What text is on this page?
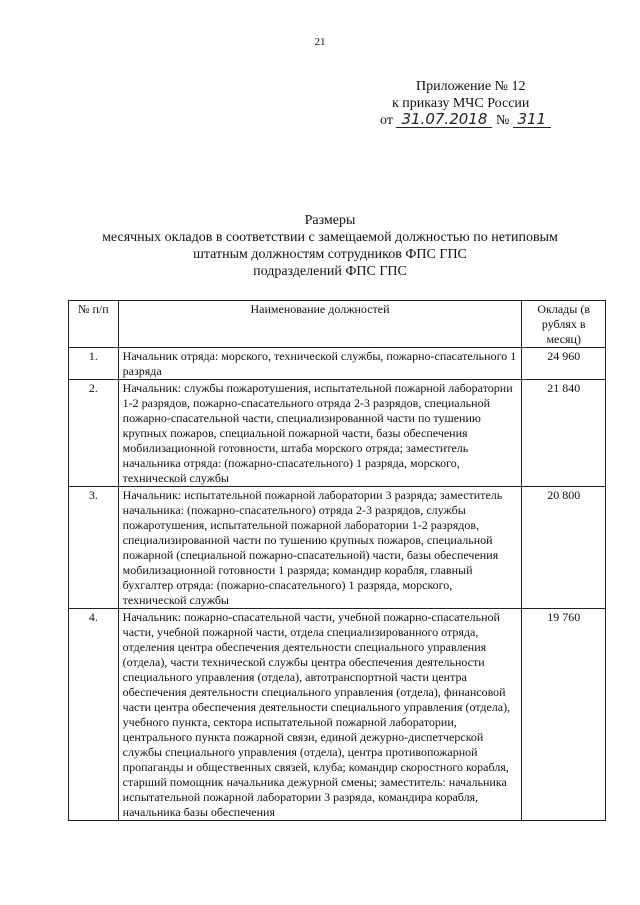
21
Приложение № 12
к приказу МЧС России
от 31.07.2018 № 311
Размеры
месячных окладов в соответствии с замещаемой должностью по нетиповым
штатным должностям сотрудников ФПС ГПС
подразделений ФПС ГПС
№ п/п	Наименование должностей	Оклады (в рублях в месяц)
1.	Начальник отряда: морского, технической службы, пожарно-спасательного 1 разряда	24 960
2.	Начальник: службы пожаротушения, испытательной пожарной лаборатории 1-2 разрядов, пожарно-спасательного отряда 2-3 разрядов, специальной пожарно-спасательной части, специализированной части по тушению крупных пожаров, специальной пожарной части, базы обеспечения мобилизационной готовности, штаба морского отряда; заместитель начальника отряда: (пожарно-спасательного) 1 разряда, морского, технической службы	21 840
3.	Начальник: испытательной пожарной лаборатории 3 разряда; заместитель начальника: (пожарно-спасательного) отряда 2-3 разрядов, службы пожаротушения, испытательной пожарной лаборатории 1-2 разрядов, специализированной части по тушению крупных пожаров, специальной пожарной (специальной пожарно-спасательной) части, базы обеспечения мобилизационной готовности 1 разряда; командир корабля, главный бухгалтер отряда: (пожарно-спасательного) 1 разряда, морского, технической службы	20 800
4.	Начальник: пожарно-спасательной части, учебной пожарно-спасательной части, учебной пожарной части, отдела специализированного отряда, отделения центра обеспечения деятельности специального управления (отдела), части технической службы центра обеспечения деятельности специального управления (отдела), автотранспортной части центра обеспечения деятельности специального управления (отдела), финансовой части центра обеспечения деятельности специального управления (отдела), учебного пункта, сектора испытательной пожарной лаборатории, центрального пункта пожарной связи, единой дежурно-диспетчерской службы специального управления (отдела), центра противопожарной пропаганды и общественных связей, клуба; командир скоростного корабля, старший помощник начальника дежурной смены; заместитель: начальника испытательной пожарной лаборатории 3 разряда, командира корабля, начальника базы обеспечения	19 760
